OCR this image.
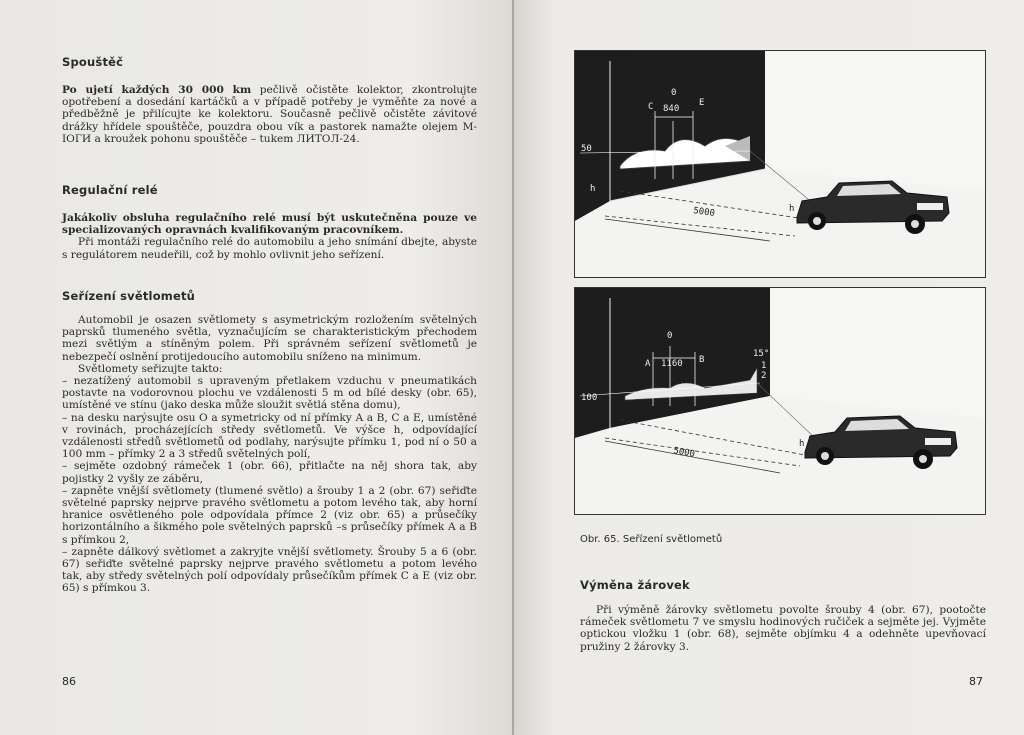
Spouštěč

Po ujetí každých 30 000 km pečlivě očistěte kolektor, zkontrolujte opotřebení a dosedání kartáčků a v případě potřeby je vyměňte za nové a předběžně je přilícujte ke kolektoru. Současně pečlivě očistěte závitové drážky hřídele spouštěče, pouzdra obou vík a pastorek namažte olejem M-IOГИ a kroužek pohonu spouštěče – tukem ЛИТОЛ-24.

Regulační relé

Jakákoliv obsluha regulačního relé musí být uskutečněna pouze ve specializovaných opravnách kvalifikovaným pracovníkem.

Při montáži regulačního relé do automobilu a jeho snímání dbejte, abyste s regulátorem neudeřili, což by mohlo ovlivnit jeho seřízení.

Seřízení světlometů

Automobil je osazen světlomety s asymetrickým rozložením světelných paprsků tlumeného světla, vyznačujícím se charakteristickým přechodem mezi světlým a stíněným polem. Při správném seřízení světlometů je nebezpečí oslnění protijedoucího automobilu sníženo na minimum.

Světlomety seřizujte takto:

– nezatížený automobil s upraveným přetlakem vzduchu v pneumatikách postavte na vodorovnou plochu ve vzdálenosti 5 m od bílé desky (obr. 65), umístěné ve stínu (jako deska může sloužit světlá stěna domu),

– na desku narýsujte osu O a symetricky od ní přímky A a B, C a E, umístěné v rovinách, procházejících středy světlometů. Ve výšce h, odpovídající vzdálenosti středů světlometů od podlahy, narýsujte přímku 1, pod ní o 50 a 100 mm – přímky 2 a 3 středů světelných polí,

– sejměte ozdobný rámeček 1 (obr. 66), přitlačte na něj shora tak, aby pojistky 2 vyšly ze záběru,

– zapněte vnější světlomety (tlumené světlo) a šrouby 1 a 2 (obr. 67) seřiďte světelné paprsky nejprve pravého světlometu a potom levého tak, aby horní hranice osvětleného pole odpovídala přímce 2 (viz obr. 65) a průsečíky horizontálního a šikmého pole světelných paprsků –s průsečíky přímek A a B s přímkou 2,

– zapněte dálkový světlomet a zakryjte vnější světlomety. Šrouby 5 a 6 (obr. 67) seřiďte světelné paprsky nejprve pravého světlometu a potom levého tak, aby středy světelných polí odpovídaly průsečíkům přímek C a E (viz obr. 65) s přímkou 3.

86
0
C	E
840
50
h
h
2
3
5000
0
A	B
1160
100
15°
1
2
h
5000
Obr. 65. Seřízení světlometů
Výměna žárovek

Při výměně žárovky světlometu povolte šrouby 4 (obr. 67), pootočte rámeček světlometu 7 ve smyslu hodinových ručiček a sejměte jej. Vyjměte optickou vložku 1 (obr. 68), sejměte objímku 4 a odehněte upevňovací pružiny 2 žárovky 3.

87
